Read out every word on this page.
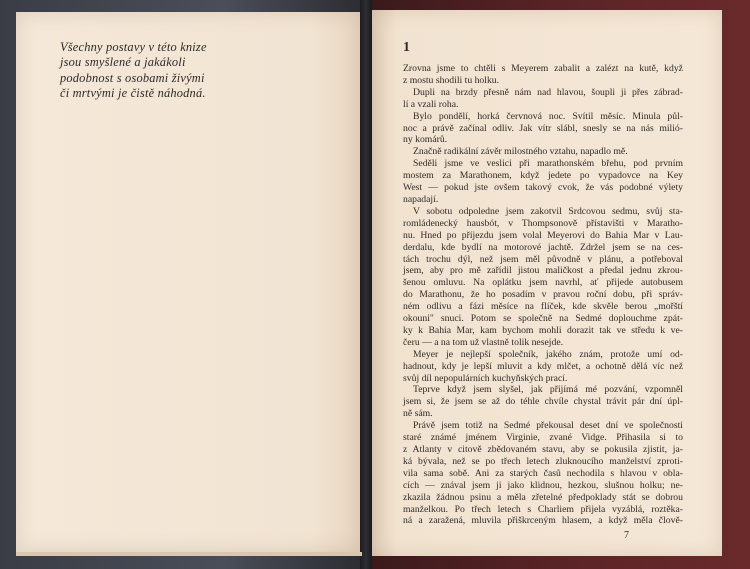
Všechny postavy v této knize
jsou smyšlené a jakákoli
podobnost s osobami živými
či mrtvými je čistě náhodná.
1
Zrovna jsme to chtěli s Meyerem zabalit a zalézt na kutě, když
z mostu shodili tu holku.
Dupli na brzdy přesně nám nad hlavou, šoupli ji přes zábrad-
lí a vzali roha.
Bylo pondělí, horká červnová noc. Svítil měsíc. Minula půl-
noc a právě začínal odliv. Jak vítr slábl, snesly se na nás milió-
ny komárů.
Značně radikální závěr milostného vztahu, napadlo mě.
Seděli jsme ve veslici při marathonském břehu, pod prvním
mostem za Marathonem, když jedete po vypadovce na Key
West — pokud jste ovšem takový cvok, že vás podobné výlety
napadají.
V sobotu odpoledne jsem zakotvil Srdcovou sedmu, svůj sta-
romládenecký hausbót, v Thompsonově přístavišti v Maratho-
nu. Hned po příjezdu jsem volal Meyerovi do Bahia Mar v Lau-
derdalu, kde bydlí na motorové jachtě. Zdržel jsem se na ces-
tách trochu dýl, než jsem měl původně v plánu, a potřeboval
jsem, aby pro mě zařídil jistou maličkost a předal jednu zkrou-
šenou omluvu. Na oplátku jsem navrhl, ať přijede autobusem
do Marathonu, že ho posadím v pravou roční dobu, při správ-
ném odlivu a fázi měsíce na flíček, kde skvěle berou „mořští
okouni" snuci. Potom se společně na Sedmé doplouchme zpát-
ky k Bahia Mar, kam bychom mohli dorazit tak ve středu k ve-
čeru — a na tom už vlastně tolik nesejde.
Meyer je nejlepší společník, jakého znám, protože umí od-
hadnout, kdy je lepší mluvit a kdy mlčet, a ochotně dělá víc než
svůj díl nepopulárních kuchyňských prací.
Teprve když jsem slyšel, jak přijímá mé pozvání, vzpomněl
jsem si, že jsem se až do téhle chvíle chystal trávit pár dní úpl-
ně sám.
Právě jsem totiž na Sedmé překousal deset dní ve společnosti
staré známé jménem Virginie, zvané Vidge. Přihasila si to
z Atlanty v citově zbědovaném stavu, aby se pokusila zjistit, ja-
ká bývala, než se po třech letech zluknoucího manželství zproti-
vila sama sobě. Ani za starých časů nechodila s hlavou v obla-
cích — znával jsem ji jako klidnou, hezkou, slušnou holku; ne-
zkazila žádnou psinu a měla zřetelné předpoklady stát se dobrou
manželkou. Po třech letech s Charliem přijela vyzáblá, roztěka-
ná a zaražená, mluvila přiškrceným hlasem, a když měla člově-
7
